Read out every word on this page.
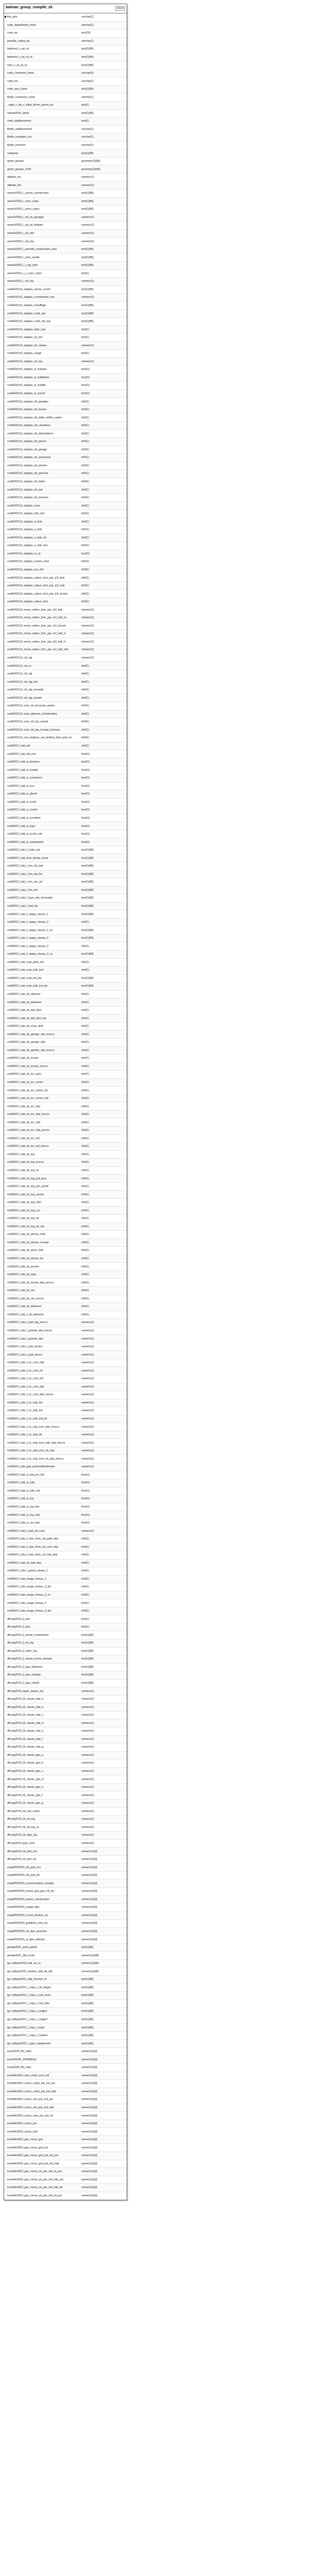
batman_group_compile_s5	[view]
line_geo	varchar(1)
code_department_insee	varchar(1)
code_ep	text(16)
parcelle_cadsq_ep	varchar(1)
batiment_v_ep_nc	text(1)[45]
batiment_v_ep_id_nc	text(1)[45]
siret_v_ep_id_nc	text(1)[45]
code_commune_insee	varchar(5)
code_iris	varchar(1)
code_epci_insee	text(1)[45]
libelle_commune_insee	varchar(1)
_rgab_v_list_v_tribal_fichier_geom_list	text(1)
rednab2015_libele	text(1)[45]
code_etablissement	text(1)
libelle_etablissement	varchar(1)
libelle_enseigne_sur	varchar(1)
libelle_insertion	varchar(1)
categorie	text(1)[45]
geom_groupe	geometry(1)[45]
geom_groupe_2154	geometry(1)[45]
altitude_sol	numeric(1)
altitude_toit	numeric(1)
anarchi2020_l_annee_construction	text(1)[45]
anarchi2020_l_nom_copro	text(1)[45]
anarchi2020_l_siren_copro	text(1)[45]
anarchi2020_l_nb_lot_garages	numeric(1)
anarchi2020_l_nb_lot_tertiaire	numeric(1)
anarchi2020_l_nb_lots	numeric(1)
anarchi2020_l_nb_log	numeric(1)
anarchi2020_l_periode_construction_max	text(1)[45]
anarchi2020_l_nom_syndic	text(1)[45]
anarchi2020_l_l_typ_type	text(1)[45]
anarchi2021_l_v_nom_copro	text(1)
anarchi2021_l_nb_log	numeric(1)
cerdb2021v2_logique_annee_constr	text(1)[45]
cerdb2021v2_logique_construction_min	numeric(1)
cerdb2021v2_logique_chauffage	text(1)[45]
cerdb2021v2_logique_code_nat	text(1)[45]
cerdb2021v2_logique_code_nat_log	text(1)[45]
cerdb2021v2_logique_date_mut	text(1)
cerdb2021v2_logique_cp_ind	text(1)
cerdb2021v2_logique_nb_niveau	numeric(1)
cerdb2021v2_logique_usage	text(1)
cerdb2021v2_logique_nb_log	numeric(1)
cerdb2021v2_logique_is_huissier	bool(1)
cerdb2021v2_logique_is_habitation	bool(1)
cerdb2021v2_logique_is_hopital	bool(1)
cerdb2021v2_logique_is_recent	bool(1)
cerdb2021v2_logique_nb_garages	int4(1)
cerdb2021v2_logique_nb_locaux	int4(1)
cerdb2021v2_logique_nb_dalle_veilles_valeur	int4(1)
cerdb2021v2_logique_nb_chaudiere	int4(1)
cerdb2021v2_logique_nb_dependance	int4(1)
cerdb2021v2_logique_nb_pieces	int4(1)
cerdb2021v2_logique_nb_garage	int4(1)
cerdb2021v2_logique_nb_ascenseur	int4(1)
cerdb2021v2_logique_nb_piscine	int4(1)
cerdb2021v2_logique_nb_garcons	int4(1)
cerdb2021v2_logique_nb_baies	int4(1)
cerdb2021v2_logique_nb_pac	int4(1)
cerdb2021v2_logique_nb_terrasse	int4(1)
cerdb2021v2_logique_cave	int4(1)
cerdb2021v2_logique_hab_mur	int4(1)
cerdb2021v2_logique_a_bois	int4(1)
cerdb2021v2_logique_a_hab	int4(1)
cerdb2021v2_logique_a_hab_nb	int4(1)
cerdb2021v2_logique_a_hab_mur	int4(1)
cerdb2021v2_logique_is_cp	bool(1)
cerdb2021v2_logique_screen_mod	int4(1)
cerdb2021v2_logique_ecu_toit	int4(1)
cerdb2021v2_logique_valeur_fonc_par_m2_bati	int4(1)
cerdb2021v2_logique_valeur_fonc_par_m2_hab	int4(1)
cerdb2021v2_logique_valeur_fonc_par_m2_terrain	int4(1)
cerdb2021v2_logique_valeur_fonc	int4(1)
cerdb2021v2_mean_valeur_fonc_par_m2_bati	numeric(1)
cerdb2021v2_mean_valeur_fonc_par_m2_hab_nc	numeric(1)
cerdb2021v2_mean_valeur_fonc_par_m2_terrain	numeric(1)
cerdb2021v2_mean_valeur_fonc_par_m2_hab_tr	numeric(1)
cerdb2021v2_mean_valeur_fonc_par_m2_bati_tr	numeric(1)
cerdb2021v2_mean_valeur_fonc_par_m2_hab_nbs	numeric(1)
cerdb2021v2_nb_log	numeric(1)
cerdb2021v2_nb_nc	int4(1)
cerdb2021v2_nb_log	int4(1)
cerdb2021v2_nb_log_hist	int4(1)
cerdb2021v2_nb_log_nouvelle	int4(1)
cerdb2021v2_nb_log_vacant	int4(1)
cerdb2021v2_sum_nb_inoccupe_annee	int4(1)
cerdb2021v2_sum_adresse_commentaire	int4(1)
cerdb2021v2_sum_nb_log_vacant	int4(1)
cerdb2021v2_sum_nb_log_occupe_bureaux	int4(1)
cerdb2021v2_sat_employe_sat_dedicat_lamt_parti_im	int4(1)
cerfb2021_hab_ind	int4(1)
cerfb2021_hab_ind_cmt	bool(1)
cerfb2021_hab_is_bureaux	bool(1)
cerfb2021_hab_is_hopital	bool(1)
cerfb2021_hab_is_commerce	bool(1)
cerfb2021_hab_is_ecu	bool(1)
cerfb2021_hab_is_abord	bool(1)
cerfb2021_hab_is_ecole	bool(1)
cerfb2021_hab_is_recent	bool(1)
cerfb2021_hab_is_excellent	bool(1)
cerfb2021_hab_is_logo	bool(1)
cerfb2021_hab_is_ecole_cub	bool(1)
cerfb2021_hab_is_anterpodue	bool(1)
cerfb2021_hab_f_code_nat	text(1)[45]
cerfb2021_hab_time_declar_insee	text(1)[45]
cerfb2021_hab_f_lon_ind_last	text(1)[45]
cerfb2021_hab_f_lon_ind_firs	text(1)[45]
cerfb2021_hab_f_lon_nec_bs	text(1)[45]
cerfb2021_hab_f_lon_ind	text(1)[45]
cerfb2021_hab_f_type_imp_immeuble	text(1)[45]
cerfb2021_hab_f_bati_bis	text(1)[45]
cerfb2021_hab_f_usage_niveau_1	text(1)[45]
cerfb2021_hab_f_usage_niveau_2	int4(1)
cerfb2021_hab_f_usage_niveau_1_nc	text(1)[45]
cerfb2021_hab_f_usage_niveau_2	text(1)[45]
cerfb2021_hab_f_usage_niveau_3	int4(1)
cerfb2021_hab_f_usage_niveau_3_nc	text(1)[45]
cerfb2021_hab_max_plain_ind	int4(1)
cerfb2021_hab_max_hab_surf	int4(1)
cerfb2021_hab_max_ind_bis	text(1)[45]
cerfb2021_hab_max_hab_ind_bis	text(1)[45]
cerfb2021_hab_nb_adresse	int4(1)
cerfb2021_hab_nb_batiment	int4(1)
cerfb2021_hab_nb_bat_dest	int4(1)
cerfb2021_hab_nb_bat_dest_log	int4(1)
cerfb2021_hab_nb_sous_dest	int4(1)
cerfb2021_hab_nb_garage_dep_inoccu	int4(1)
cerfb2021_hab_nb_garage_dep	int4(1)
cerfb2021_hab_nb_garden_dep_inoccu	int4(1)
cerfb2021_hab_nb_locaux	int4(1)
cerfb2021_hab_nb_locaux_inoccu	int4(1)
cerfb2021_hab_nb_loc_auto	int4(1)
cerfb2021_hab_nb_loc_comm	int4(1)
cerfb2021_hab_nb_loc_comm_nb	int4(1)
cerfb2021_hab_nb_loc_comm_ind	int4(1)
cerfb2021_hab_nb_loc_dep	int4(1)
cerfb2021_hab_nb_loc_dep_inoccu	int4(1)
cerfb2021_hab_nb_loc_hab	int4(1)
cerfb2021_hab_nb_loc_hab_inoccu	int4(1)
cerfb2021_hab_nb_loc_ind	int4(1)
cerfb2021_hab_nb_loc_ind_inoccu	int4(1)
cerfb2021_hab_nb_log	int4(1)
cerfb2021_hab_nb_log_inoccu	int4(1)
cerfb2021_hab_nb_log_nc	int4(1)
cerfb2021_hab_nb_log_prd_gros	int4(1)
cerfb2021_hab_nb_log_pm_syndic	int4(1)
cerfb2021_hab_nb_log_vacant	int4(1)
cerfb2021_hab_nb_log_ctrm	int4(1)
cerfb2021_hab_nb_log_ccu	int4(1)
cerfb2021_hab_nb_log_nb	int4(1)
cerfb2021_hab_nb_log_nb_ind	int4(1)
cerfb2021_hab_nb_pieces_total	int4(1)
cerfb2021_hab_nb_pieces_occupe	int4(1)
cerfb2021_hab_nb_piece_hab	int4(1)
cerfb2021_hab_nb_pieces_ba	int4(1)
cerfb2021_hab_nb_proche	int4(1)
cerfb2021_hab_nb_quar	int4(1)
cerfb2021_hab_nb_terrain_dep_inoccu	int4(1)
cerfb2021_hab_nb_uni	int4(1)
cerfb2021_hab_nb_uni_inoccu	int4(1)
cerfb2021_hab_nb_batiment	int4(1)
cerfb2021_hab_f_nb_batiment	int4(1)
cerfb2021_hab_f_part_log_inoccu	numeric(1)
cerfb2021_hab_f_grande_dep_inoccu	numeric(1)
cerfb2021_hab_f_grande_dep	numeric(1)
cerfb2021_hab_f_part_locaux	numeric(1)
cerfb2021_hab_f_part_inoccu	numeric(1)
cerfb2021_hab_f_hc_com_hab	numeric(1)
cerfb2021_hab_f_hc_com_nb	numeric(1)
cerfb2021_hab_f_hc_com_ind	numeric(1)
cerfb2021_hab_f_hc_com_dep	numeric(1)
cerfb2021_hab_f_hc_com_dep_inoccu	numeric(1)
cerfb2021_hab_f_hc_hab_bis	numeric(1)
cerfb2021_hab_f_hc_hab_ind	numeric(1)
cerfb2021_hab_f_hc_hab_ind_nb	numeric(1)
cerfb2021_hab_f_hc_hab_com_dep_inoccu	numeric(1)
cerfb2021_hab_f_hc_hab_nb	numeric(1)
cerfb2021_hab_f_hc_hab_com_hab_dep_inoccu	numeric(1)
cerfb2021_hab_f_hc_hab_com_nb_dep	numeric(1)
cerfb2021_hab_f_hc_hab_com_nb_dep_inoccu	numeric(1)
cerfb2021_hab_part_primordialedonnee	numeric(1)
cerfb2021_hab_is_bat_pro_hnt	bool(1)
cerfb2021_hab_is_hab	bool(1)
cerfb2021_hab_is_hab_cub	bool(1)
cerfb2021_hab_is_log	bool(1)
cerfb2021_hab_is_log_hlm	bool(1)
cerfb2021_hab_is_log_only	bool(1)
cerfb2021_hab_is_uni_hab	bool(1)
cerfb2021_hab_f_part_lot_cave	numeric(1)
cerfb2021_hab_f_max_from_csf_path_dep	int4(1)
cerfb2021_hab_f_max_from_csf_com_dep	int4(1)
cerfb2021_hab_f_max_from_csf_hab_dep	int4(1)
cerfb2021_hab_nb_bati_dep	int4(1)
cerfb2021_hab_f_grand_niveau_1	int4(1)
cerfb2021_hab_usage_niveau_1	int4(1)
cerfb2021_hab_usage_niveau_2_bis	int4(1)
cerfb2021_hab_usage_niveau_2_nc	int4(1)
cerfb2021_hab_usage_niveau_3	int4(1)
cerfb2021_hab_usage_niveau_3_bis	int4(1)
dfcuvg2019_k_prm	text(1)
dfcuvg2019_k_type	text(1)
dfcuvg2019_k_annee_construction	text(1)[45]
dfcuvg2019_k_nb_log	text(1)[45]
dfcuvg2019_k_cdmn_log	text(1)[45]
dfcuvg2019_k_classe_conso_energie	text(1)[45]
dfcuvg2019_k_type_batiment	text(1)[45]
dfcuvg2019_k_type_energie	text(1)[45]
dfcuvg2019_k_type_chauff	text(1)[45]
dfcuvg2019_hyper_impact_ins	numeric(1)
dfcuvg2019_hh_classe_etat_a	numeric(1)
dfcuvg2019_hh_classe_etat_b	numeric(1)
dfcuvg2019_hh_classe_etat_c	numeric(1)
dfcuvg2019_hh_classe_etat_d	numeric(1)
dfcuvg2019_hh_classe_etat_e	numeric(1)
dfcuvg2019_hh_classe_etat_f	numeric(1)
dfcuvg2019_hh_classe_etat_g	numeric(1)
dfcuvg2019_hh_classe_ges_a	numeric(1)
dfcuvg2019_hh_classe_ges_b	numeric(1)
dfcuvg2019_hh_classe_ges_c	numeric(1)
dfcuvg2019_hh_classe_ges_d	numeric(1)
dfcuvg2019_hh_classe_ges_e	numeric(1)
dfcuvg2019_hh_classe_ges_f	numeric(1)
dfcuvg2019_hh_classe_ges_g	numeric(1)
dfcuvg2019_hh_has_action	numeric(1)
dfcuvg2019_hh_nb_log	numeric(1)
dfcuvg2019_hh_nb_log_nc	numeric(1)
dfcuvg2019_hh_type_log	numeric(1)
dfcuvg2019_type_cons	numeric(1)
dfcuvg2019_hh_part_ecs	numeric(1)[3]
dfcuvg2019_hh_part_tot	numeric(1)[3]
enaaDPE2020_hh_part_ecs	numeric(1)[3]
enaaDPE2020_hh_part_tot	numeric(1)[3]
enaaDPE2020_consommation_energie	numeric(1)[3]
enaaDPE2020_emiss_ges_gaz_eff_ser	numeric(1)[3]
enaaDPE2020_annee_construction	numeric(1)[3]
enaaDPE2020_usage_dpe	numeric(1)[3]
enaaDPE2020_conso_finance_nrj	numeric(1)[3]
enaaDPE2020_gradient_cons_nrj	numeric(1)[3]
enaaDPE2020_nb_dpe_associes	numeric(1)[3]
enaaDPE2021_is_dpe_adresse	numeric(1)[3]
geoapi2021_arret_partiel	text(1)[45]
geoapi2021_dist_ecole	numeric(1)[45]
ign_bdtopo2019_bati_niv_in	numeric(1)[45]
ign_bdtopo2021_hauteur_bati_de_fait	numeric(1)[45]
ign_bdtopo2021_bati_fonction_nt	text(1)[45]
ign_bdtopo2021_l_topo_l_nb_etages	text(1)[45]
ign_bdtopo2021_l_topo_l_mat_murs	text(1)[45]
ign_bdtopo2021_l_topo_l_mat_toits	text(1)[45]
ign_bdtopo2021_l_topo_l_usage1	text(1)[45]
ign_bdtopo2021_l_topo_l_usage2	text(1)[45]
ign_bdtopo2021_l_topo_l_leger	text(1)[45]
ign_bdtopo2021_l_topo_l_hauteur	text(1)[45]
ign_bdtopo2021_l_type_equipement	text(1)[45]
insee2019_filo_indiv	numeric(1)[3]
insee2020P_2020IRISnl	numeric(1)[3]
insee2020_filo_men	numeric(1)[3]
inseefilo2020_men_mixte_sum_ind	numeric(1)[3]
inseefilo2020_conso_comp_par_ind_pro	numeric(1)[3]
inseefilo2020_conso_comp_par_ind_hab	numeric(1)[3]
inseefilo2020_conso_min_par_ind_pro	numeric(1)[3]
inseefilo2020_conso_min_par_ind_hab	numeric(1)[3]
inseefilo2020_conso_max_par_ind_tot	numeric(1)[3]
inseefilo2020_conso_pro	numeric(1)[3]
inseefilo2020_conso_hab	numeric(1)[3]
inseefilo2020_gaz_conso_grd	numeric(1)[3]
inseefilo2020_gaz_conso_grd_pro	numeric(1)[3]
inseefilo2020_gaz_conso_grd_par_ind_pro	numeric(1)[3]
inseefilo2020_gaz_conso_grd_par_ind_hab	numeric(1)[3]
inseefilo2020_gaz_conso_nb_par_ind_nb_pro	numeric(1)[3]
inseefilo2020_gaz_conso_nb_par_ind_hab_pro	numeric(1)[3]
inseefilo2020_gaz_conso_nb_par_ind_hab_tot	numeric(1)[3]
inseefilo2020_gaz_conso_nb_par_ind_tot_pro	numeric(1)[3]
